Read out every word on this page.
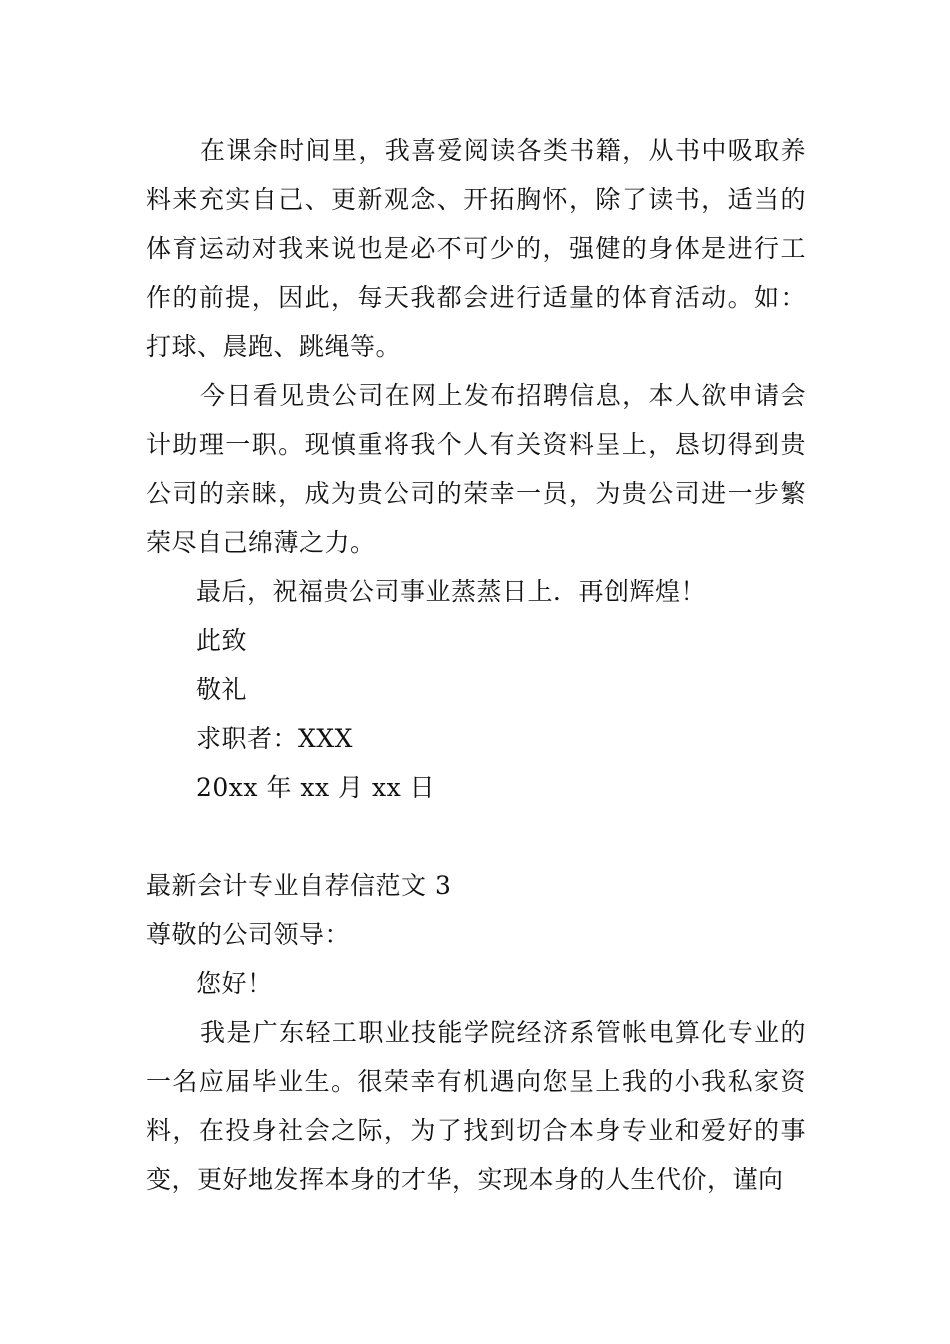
在课余时间里，我喜爱阅读各类书籍，从书中吸取养料来充实自己、更新观念、开拓胸怀，除了读书，适当的体育运动对我来说也是必不可少的，强健的身体是进行工作的前提，因此，每天我都会进行适量的体育活动。如：打球、晨跑、跳绳等。

今日看见贵公司在网上发布招聘信息，本人欲申请会计助理一职。现慎重将我个人有关资料呈上，恳切得到贵公司的亲睐，成为贵公司的荣幸一员，为贵公司进一步繁荣尽自己绵薄之力。

最后，祝福贵公司事业蒸蒸日上．再创辉煌！

此致

敬礼

求职者：XXX

20xx 年 xx 月 xx 日

最新会计专业自荐信范文 3

尊敬的公司领导：

您好！

我是广东轻工职业技能学院经济系管帐电算化专业的一名应届毕业生。很荣幸有机遇向您呈上我的小我私家资料，在投身社会之际，为了找到切合本身专业和爱好的事变，更好地发挥本身的才华，实现本身的人生代价，谨向
